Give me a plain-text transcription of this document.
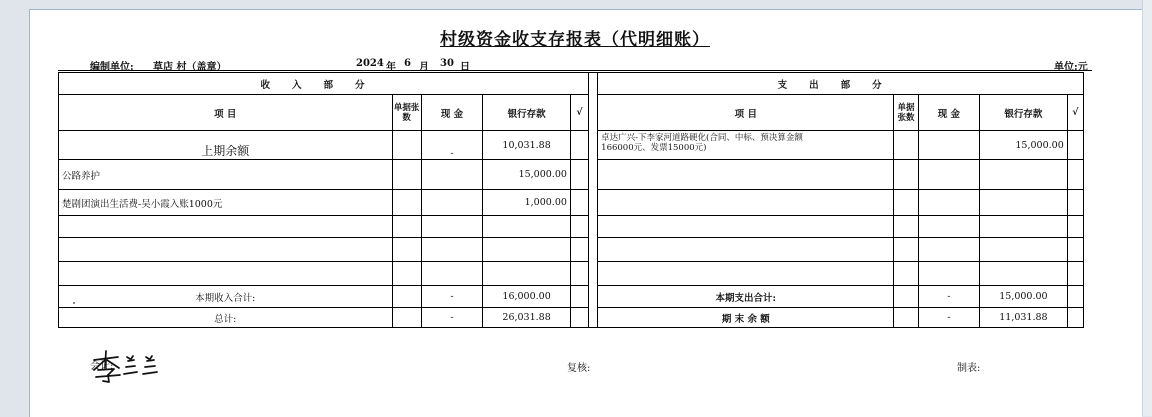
村级资金收支存报表（代明细账）
编制单位: 草店 村（盖章）	2024 年 6 月 30 日	单位:元
收入部分						支出部分				
项 目	单据张数	现 金	银行存款	√		项 目	单据张数	现 金	银行存款	√
上期余额		-	10,031.88			卓达广兴-下李家河道路硬化(合同、中标、预决算金额
166000元、发票15000元)			15,000.00	
公路养护			15,000.00							
楚剧团演出生活费-吴小霞入账1000元			1,000.00							

本期收入合计:		-	16,000.00			本期支出合计:		-	15,000.00	
总计:		-	26,031.88			期 末 余 额		-	11,031.88	
会计:	复核:	制表:
